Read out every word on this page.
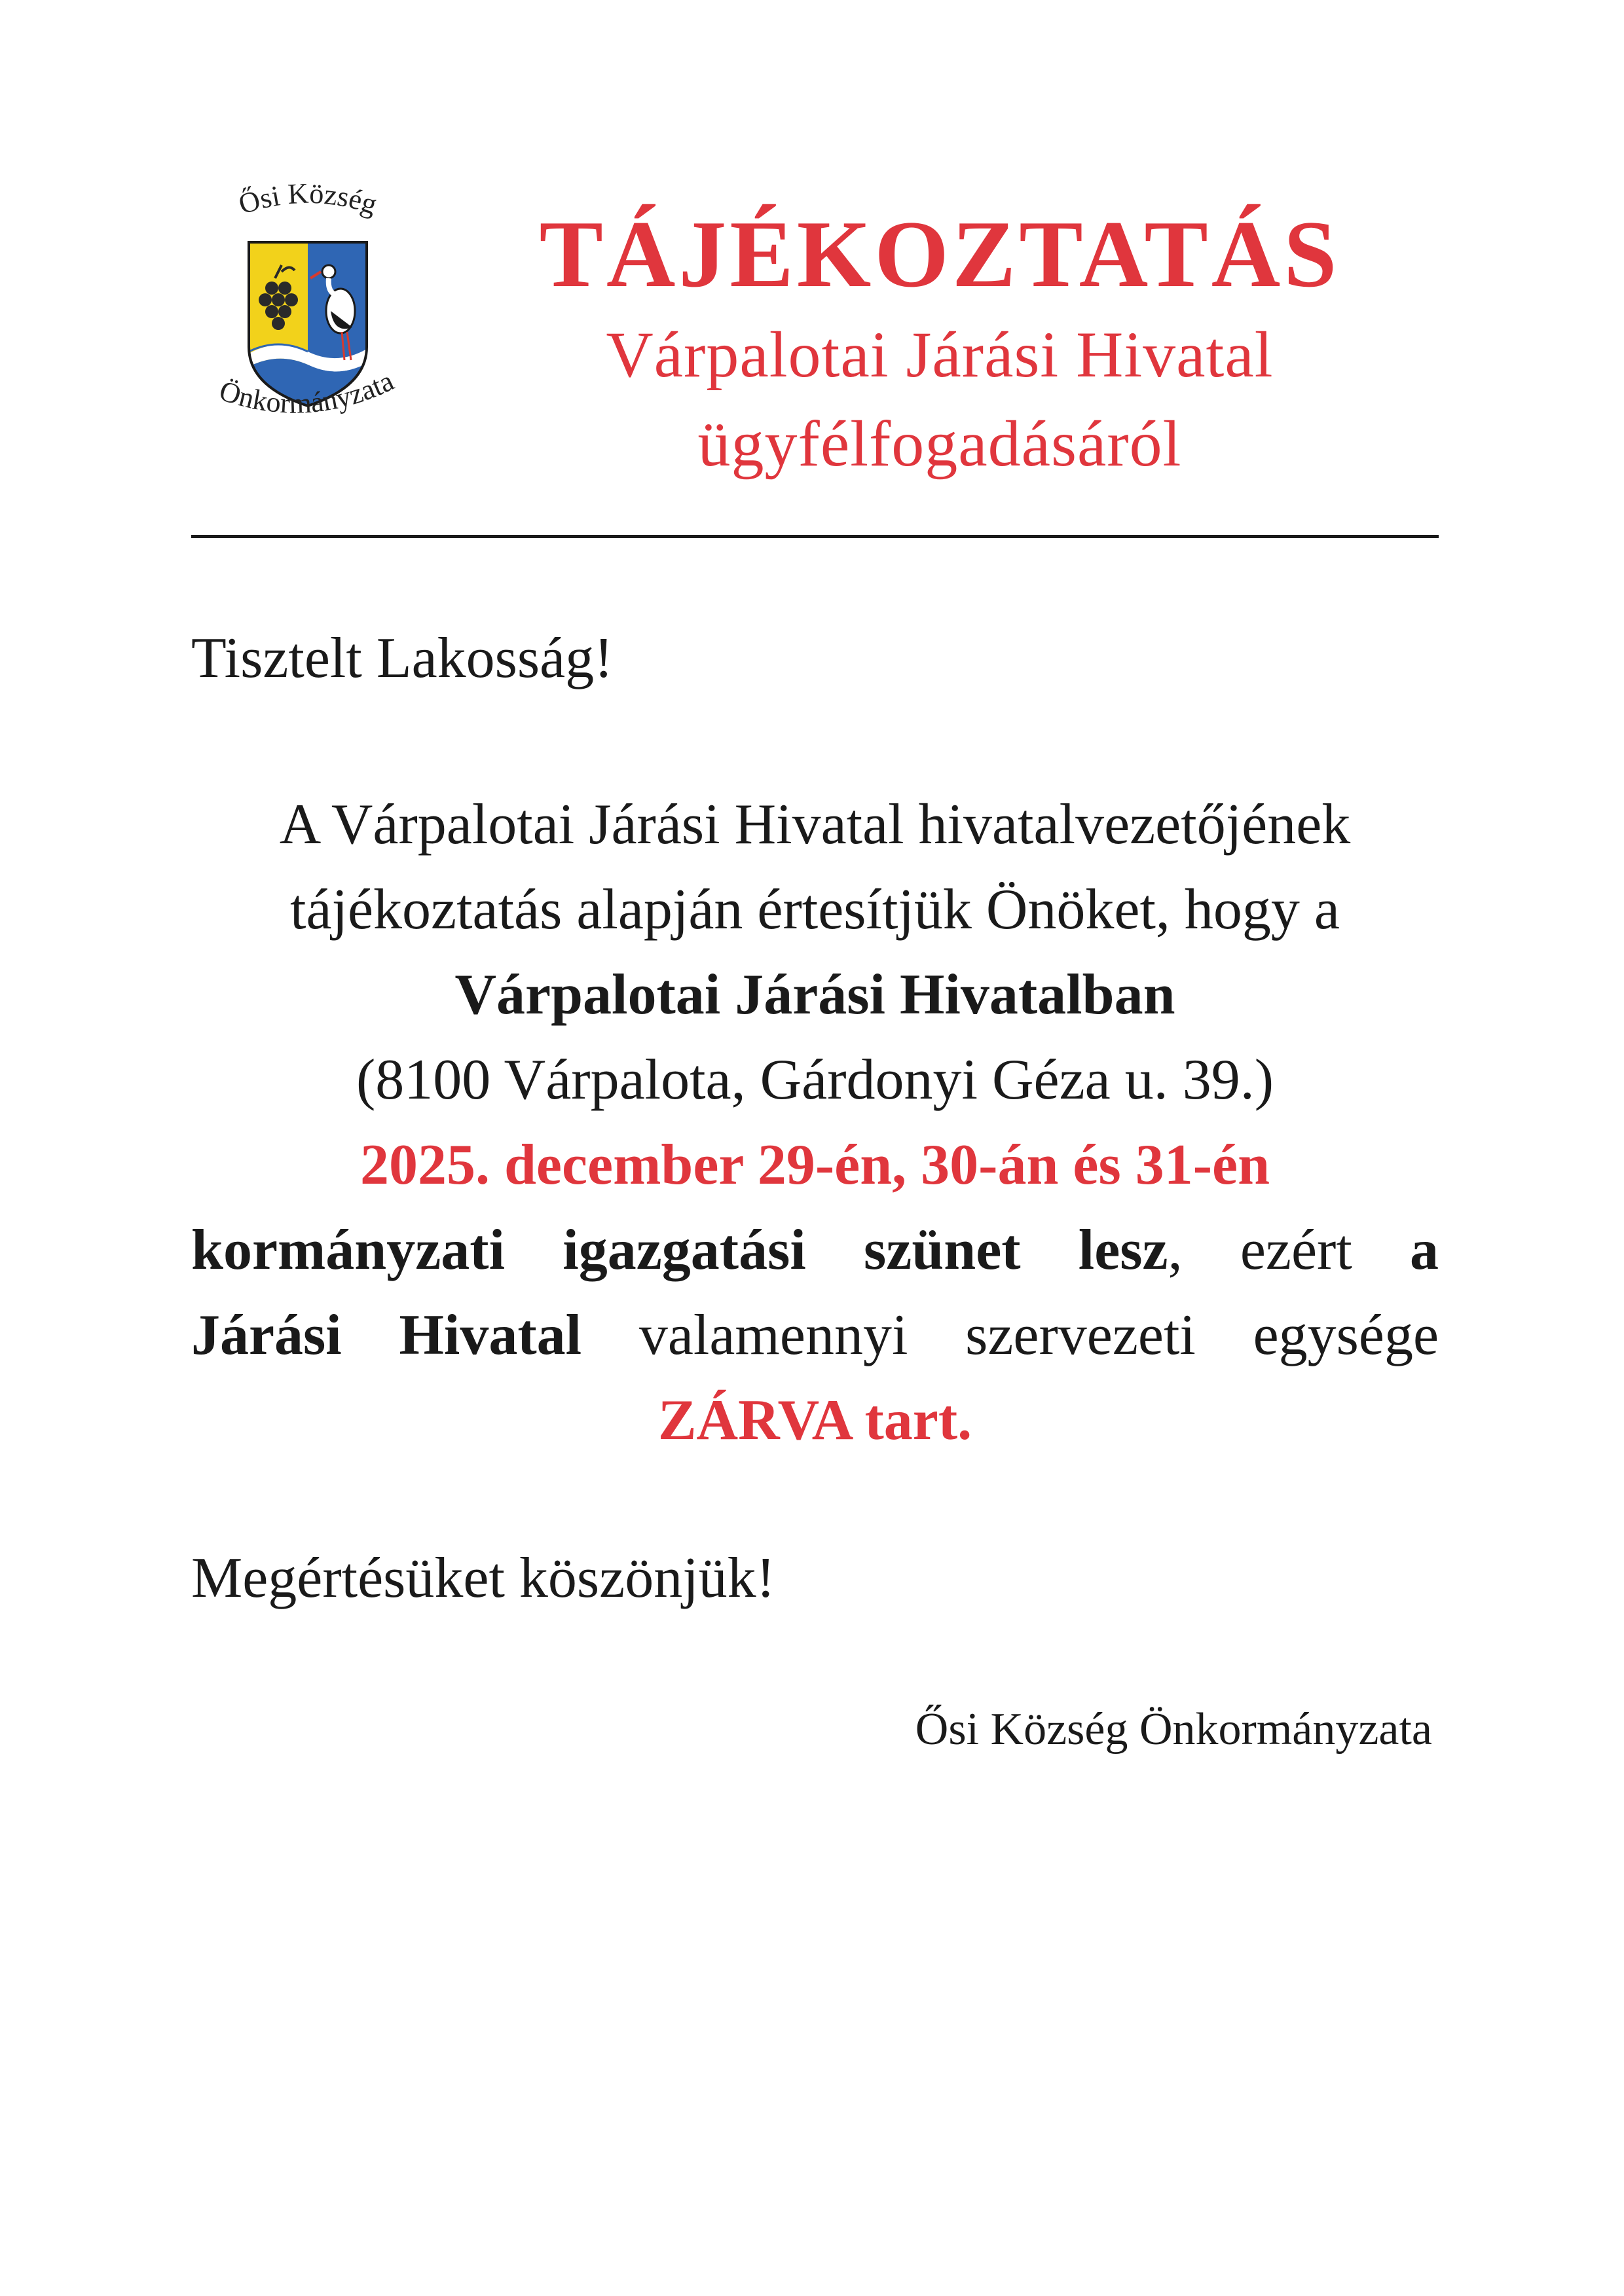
Ősi Község
Önkormányzata
TÁJÉKOZTATÁS

Várpalotai Járási Hivatal

ügyfélfogadásáról

Tisztelt Lakosság!

A Várpalotai Járási Hivatal hivatalvezetőjének
tájékoztatás alapján értesítjük Önöket, hogy a
Várpalotai Járási Hivatalban
(8100 Várpalota, Gárdonyi Géza u. 39.)
2025. december 29-én, 30-án és 31-én
kormányzati igazgatási szünet lesz, ezért a
Járási Hivatal valamennyi szervezeti egysége
ZÁRVA tart.

Megértésüket köszönjük!

Ősi Község Önkormányzata
